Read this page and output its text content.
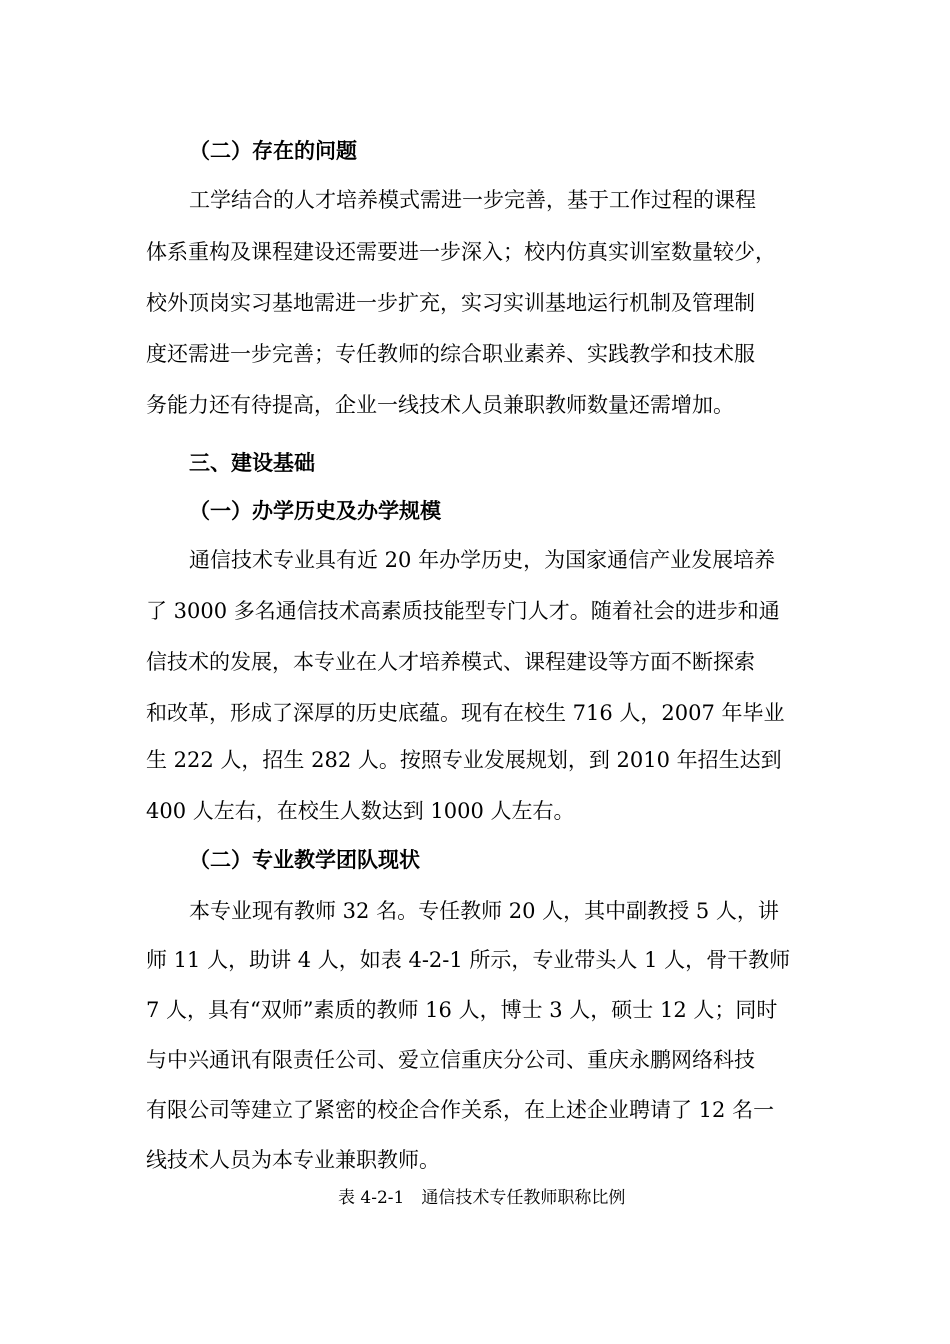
（二）存在的问题
工学结合的人才培养模式需进一步完善，基于工作过程的课程
体系重构及课程建设还需要进一步深入；校内仿真实训室数量较少，
校外顶岗实习基地需进一步扩充，实习实训基地运行机制及管理制
度还需进一步完善；专任教师的综合职业素养、实践教学和技术服
务能力还有待提高，企业一线技术人员兼职教师数量还需增加。
三、建设基础
（一）办学历史及办学规模
通信技术专业具有近 20 年办学历史，为国家通信产业发展培养
了 3000 多名通信技术高素质技能型专门人才。随着社会的进步和通
信技术的发展，本专业在人才培养模式、课程建设等方面不断探索
和改革，形成了深厚的历史底蕴。现有在校生 716 人，2007 年毕业
生 222 人，招生 282 人。按照专业发展规划，到 2010 年招生达到
400 人左右，在校生人数达到 1000 人左右。
（二）专业教学团队现状
本专业现有教师 32 名。专任教师 20 人，其中副教授 5 人，讲
师 11 人，助讲 4 人，如表 4-2-1 所示，专业带头人 1 人，骨干教师
7 人，具有“双师”素质的教师 16 人，博士 3 人，硕士 12 人；同时
与中兴通讯有限责任公司、爱立信重庆分公司、重庆永鹏网络科技
有限公司等建立了紧密的校企合作关系，在上述企业聘请了 12 名一
线技术人员为本专业兼职教师。
表 4-2-1　通信技术专任教师职称比例
